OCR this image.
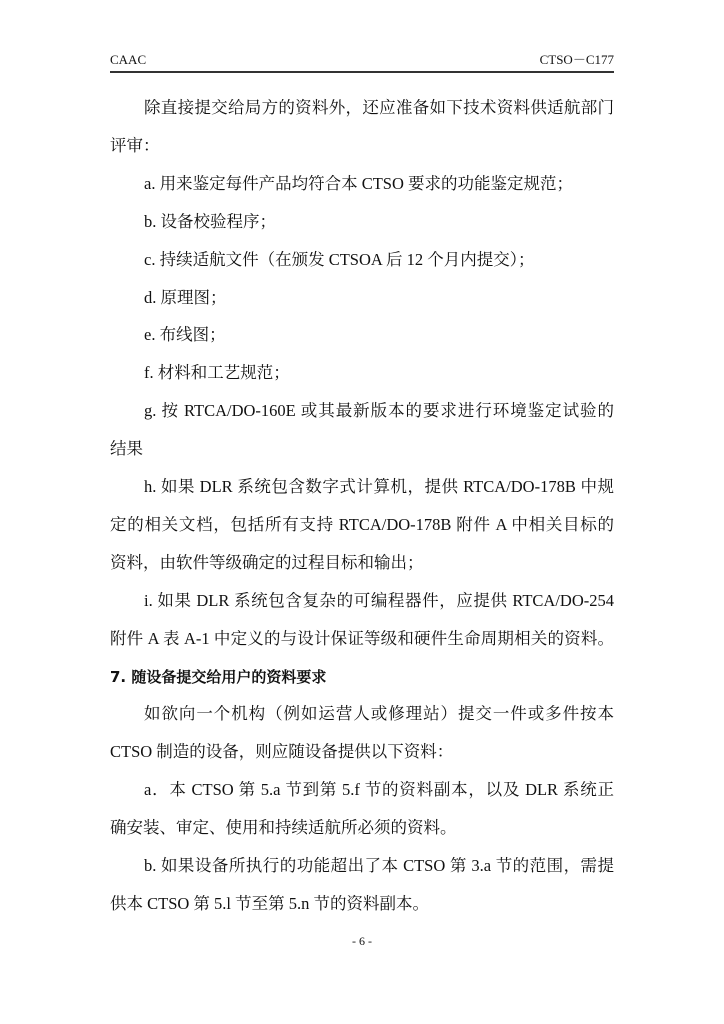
CAAC	CTSO－C177
除直接提交给局方的资料外，还应准备如下技术资料供适航部门
评审：
a. 用来鉴定每件产品均符合本 CTSO 要求的功能鉴定规范；
b. 设备校验程序；
c. 持续适航文件（在颁发 CTSOA 后 12 个月内提交）；
d. 原理图；
e. 布线图；
f. 材料和工艺规范；
g. 按 RTCA/DO-160E 或其最新版本的要求进行环境鉴定试验的
结果
h. 如果 DLR 系统包含数字式计算机，提供 RTCA/DO-178B 中规
定的相关文档，包括所有支持 RTCA/DO-178B 附件 A 中相关目标的
资料，由软件等级确定的过程目标和输出；
i. 如果 DLR 系统包含复杂的可编程器件，应提供 RTCA/DO-254
附件 A 表 A-1 中定义的与设计保证等级和硬件生命周期相关的资料。
7. 随设备提交给用户的资料要求
如欲向一个机构（例如运营人或修理站）提交一件或多件按本
CTSO 制造的设备，则应随设备提供以下资料：
a．本 CTSO 第 5.a 节到第 5.f 节的资料副本，以及 DLR 系统正
确安装、审定、使用和持续适航所必须的资料。
b. 如果设备所执行的功能超出了本 CTSO 第 3.a 节的范围，需提
供本 CTSO 第 5.l 节至第 5.n 节的资料副本。
- 6 -
